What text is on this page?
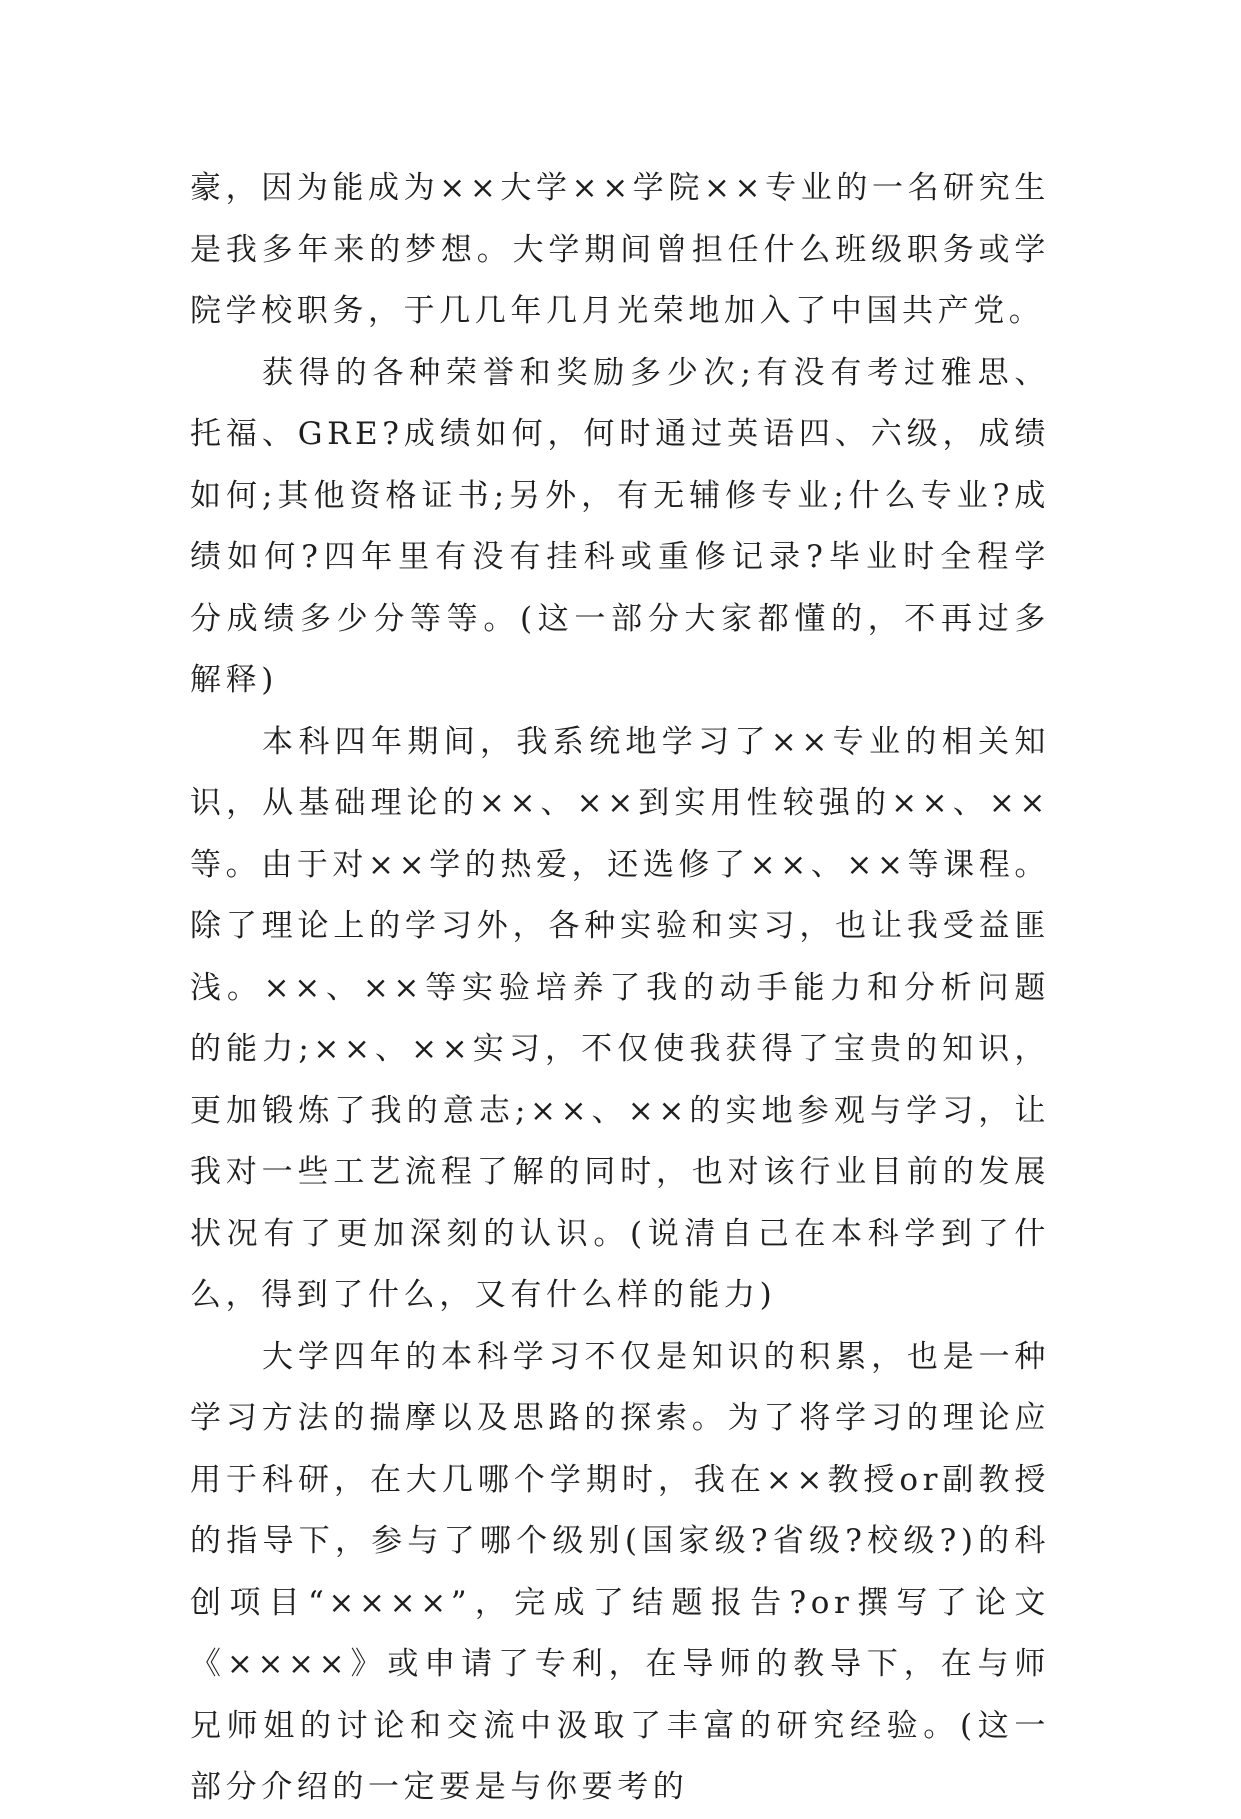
豪，因为能成为××大学××学院××专业的一名研究生是我多年来的梦想。大学期间曾担任什么班级职务或学院学校职务，于几几年几月光荣地加入了中国共产党。

获得的各种荣誉和奖励多少次;有没有考过雅思、托福、GRE?成绩如何，何时通过英语四、六级，成绩如何;其他资格证书;另外，有无辅修专业;什么专业?成绩如何?四年里有没有挂科或重修记录?毕业时全程学分成绩多少分等等。(这一部分大家都懂的，不再过多解释)

本科四年期间，我系统地学习了××专业的相关知识，从基础理论的××、××到实用性较强的××、××等。由于对××学的热爱，还选修了××、××等课程。除了理论上的学习外，各种实验和实习，也让我受益匪浅。××、××等实验培养了我的动手能力和分析问题的能力;××、××实习，不仅使我获得了宝贵的知识，更加锻炼了我的意志;××、××的实地参观与学习，让我对一些工艺流程了解的同时，也对该行业目前的发展状况有了更加深刻的认识。(说清自己在本科学到了什么，得到了什么，又有什么样的能力)

大学四年的本科学习不仅是知识的积累，也是一种学习方法的揣摩以及思路的探索。为了将学习的理论应用于科研，在大几哪个学期时，我在××教授or副教授的指导下，参与了哪个级别(国家级?省级?校级?)的科创项目“××××”，完成了结题报告?or撰写了论文《××××》或申请了专利，在导师的教导下，在与师兄师姐的讨论和交流中汲取了丰富的研究经验。(这一部分介绍的一定要是与你要考的
